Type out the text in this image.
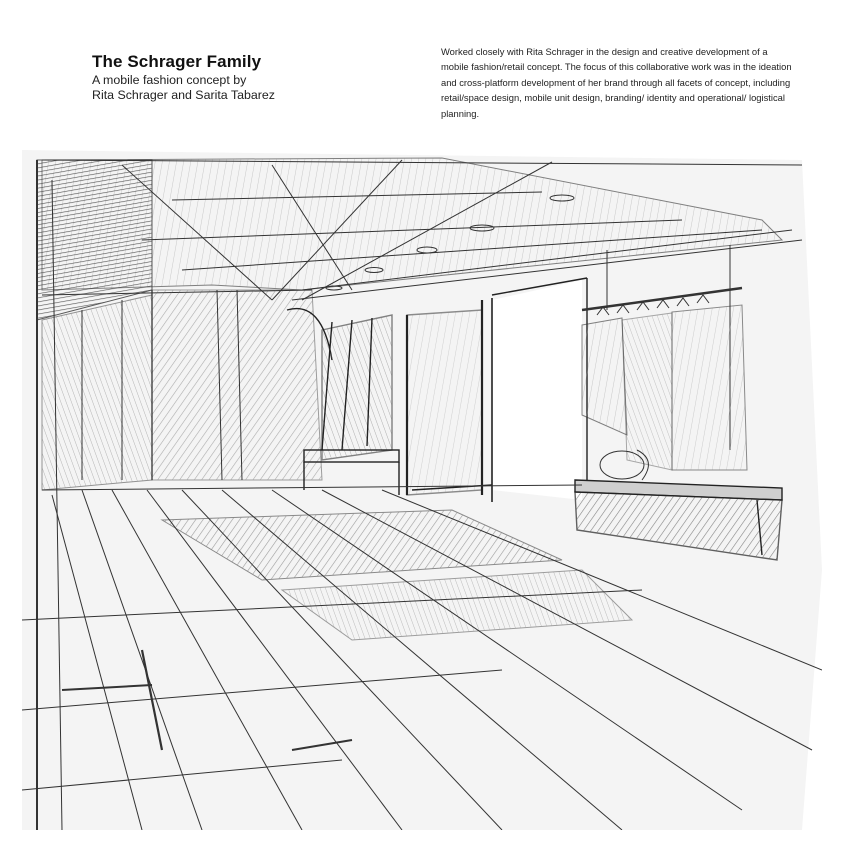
The Schrager Family
A mobile fashion concept by
Rita Schrager and Sarita Tabarez
Worked closely with Rita Schrager in the design and creative development of a mobile fashion/retail concept. The focus of this collaborative work was in the ideation and cross-platform development of her brand through all facets of concept, including retail/space design, mobile unit design, branding/ identity and operational/ logistical planning.
